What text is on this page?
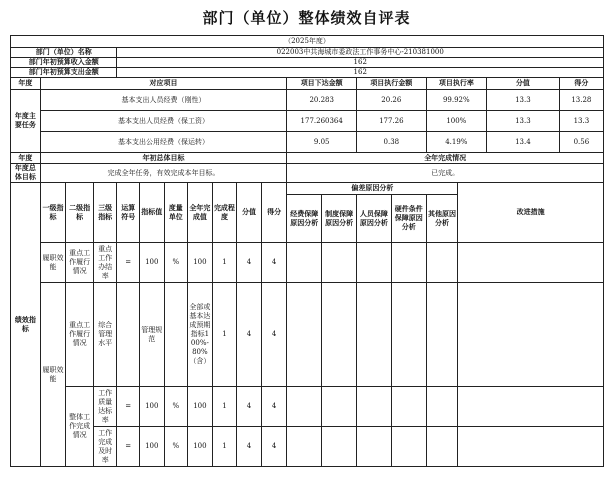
部门（单位）整体绩效自评表
（2025年度）																		
部门（单位）名称				022003中共海城市委政法工作事务中心-210381000														
部门年初预算收入金额				162														
部门年初预算支出金额				162														
年度	对应项目										项目下达金额		项目执行金额		项目执行率		分值	得分
年度主要任务	基本支出人员经费（刚性）										20.283		20.26		99.92%		13.3	13.28
	基本支出人员经费（保工资）										177.260364		177.26		100%		13.3	13.3
	基本支出公用经费（保运转）										9.05		0.38		4.19%		13.4	0.56
年度	年初总体目标										全年完成情况							
年度总体目标	完成全年任务，有效完成本年目标。										已完成。							
绩效指标	一级指标	二级指标	三级指标	运算符号	指标值	度量单位	全年完成值	完成程度	分值	得分	偏差原因分析					改进措施		
											经费保障原因分析	制度保障原因分析	人员保障原因分析	硬件条件保障原因分析	其他原因分析			
	履职效能	重点工作履行情况	重点工作办结率	=	100	%	100	1	4	4								
	履职效能	重点工作履行情况	综合管理水平		管理规范		全部或基本达成预期指标100%-80%（含）	1	4	4								
		整体工作完成情况	工作质量达标率	=	100	%	100	1	4	4								
			工作完成及时率	=	100	%	100	1	4	4								
